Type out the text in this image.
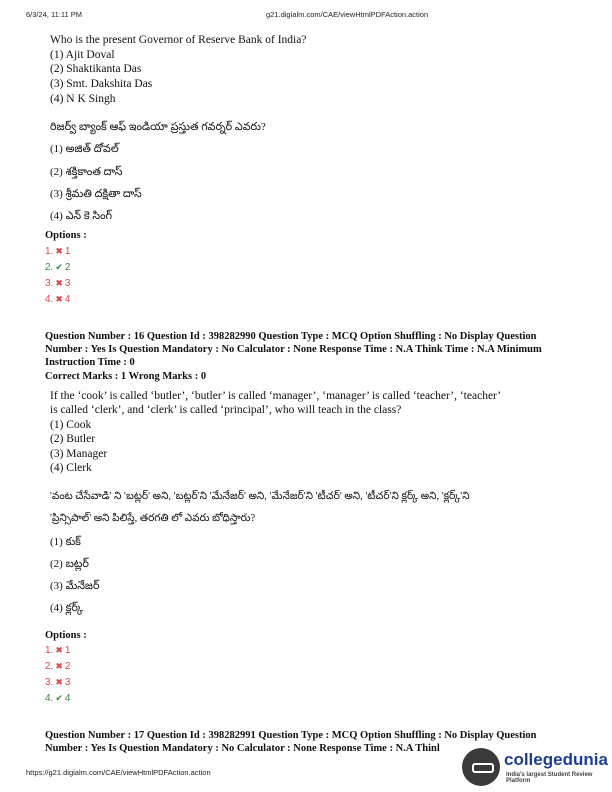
6/3/24, 11:11 PM	g21.digialm.com/CAE/viewHtmlPDFAction.action
Who is the present Governor of Reserve Bank of India?
(1) Ajit Doval
(2) Shaktikanta Das
(3) Smt. Dakshita Das
(4) N K Singh
రిజర్వ్ బ్యాంక్ ఆఫ్ ఇండియా ప్రస్తుత గవర్నర్ ఎవరు?
(1) అజిత్ దోవల్
(2) శక్తికాంత దాస్
(3) శ్రీమతి దక్షితా దాస్
(4) ఎన్ కె సింగ్
Options :
1. ✖ 1
2. ✔ 2
3. ✖ 3
4. ✖ 4
Question Number : 16 Question Id : 398282990 Question Type : MCQ Option Shuffling : No Display Question Number : Yes Is Question Mandatory : No Calculator : None Response Time : N.A Think Time : N.A Minimum Instruction Time : 0
Correct Marks : 1 Wrong Marks : 0
If the ‘cook’ is called ‘butler’, ‘butler’ is called ‘manager’, ‘manager’ is called ‘teacher’, ‘teacher’
is called ‘clerk’, and ‘clerk’ is called ‘principal’, who will teach in the class?
(1) Cook
(2) Butler
(3) Manager
(4) Clerk
'వంట చేసేవాడి' ని 'బట్లర్' అని, 'బట్లర్'ని 'మేనేజర్' అని, 'మేనేజర్'ని 'టీచర్' అని, 'టీచర్'ని క్లర్క్ అని, 'క్లర్క్'ని
'ప్రిన్సిపాల్' అని పిలిస్తే, తరగతి లో ఎవరు బోధిస్తారు?
(1) కుక్
(2) బట్లర్
(3) మేనేజర్
(4) క్లర్క్
Options :
1. ✖ 1
2. ✖ 2
3. ✖ 3
4. ✔ 4
Question Number : 17 Question Id : 398282991 Question Type : MCQ Option Shuffling : No Display Question
Number : Yes Is Question Mandatory : No Calculator : None Response Time : N.A Thinl
https://g21.digialm.com/CAE/viewHtmlPDFAction.action
collegedunia
India's largest Student Review Platform
